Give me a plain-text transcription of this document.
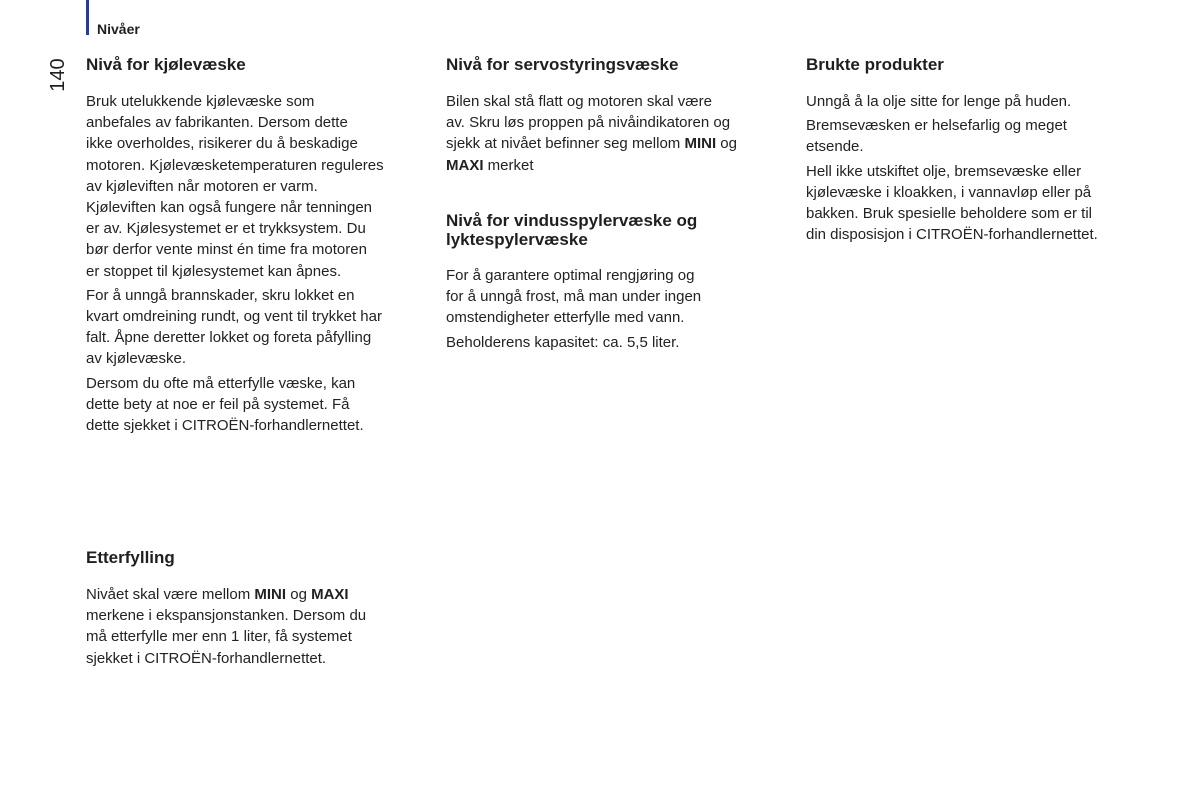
Nivåer
140 Nivå for kjølevæske

Bruk utelukkende kjølevæske som
anbefales av fabrikanten. Dersom dette
ikke overholdes, risikerer du å beskadige
motoren. Kjølevæsketemperaturen reguleres
av kjøleviften når motoren er varm.
Kjøleviften kan også fungere når tenningen
er av. Kjølesystemet er et trykksystem. Du
bør derfor vente minst én time fra motoren
er stoppet til kjølesystemet kan åpnes.

For å unngå brannskader, skru lokket en
kvart omdreining rundt, og vent til trykket har
falt. Åpne deretter lokket og foreta påfylling
av kjølevæske.

Dersom du ofte må etterfylle væske, kan
dette bety at noe er feil på systemet. Få
dette sjekket i CITROËN-forhandlernettet.

Etterfylling

Nivået skal være mellom MINI og MAXI
merkene i ekspansjonstanken. Dersom du
må etterfylle mer enn 1 liter, få systemet
sjekket i CITROËN-forhandlernettet.

Nivå for servostyringsvæske

Bilen skal stå flatt og motoren skal være
av. Skru løs proppen på nivåindikatoren og
sjekk at nivået befinner seg mellom MINI og
MAXI merket

Nivå for vindusspylervæske og
lyktespylervæske

For å garantere optimal rengjøring og
for å unngå frost, må man under ingen
omstendigheter etterfylle med vann.

Beholderens kapasitet: ca. 5,5 liter.

Brukte produkter

Unngå å la olje sitte for lenge på huden.

Bremsevæsken er helsefarlig og meget
etsende.

Hell ikke utskiftet olje, bremsevæske eller
kjølevæske i kloakken, i vannavløp eller på
bakken. Bruk spesielle beholdere som er til
din disposisjon i CITROËN-forhandlernettet.
